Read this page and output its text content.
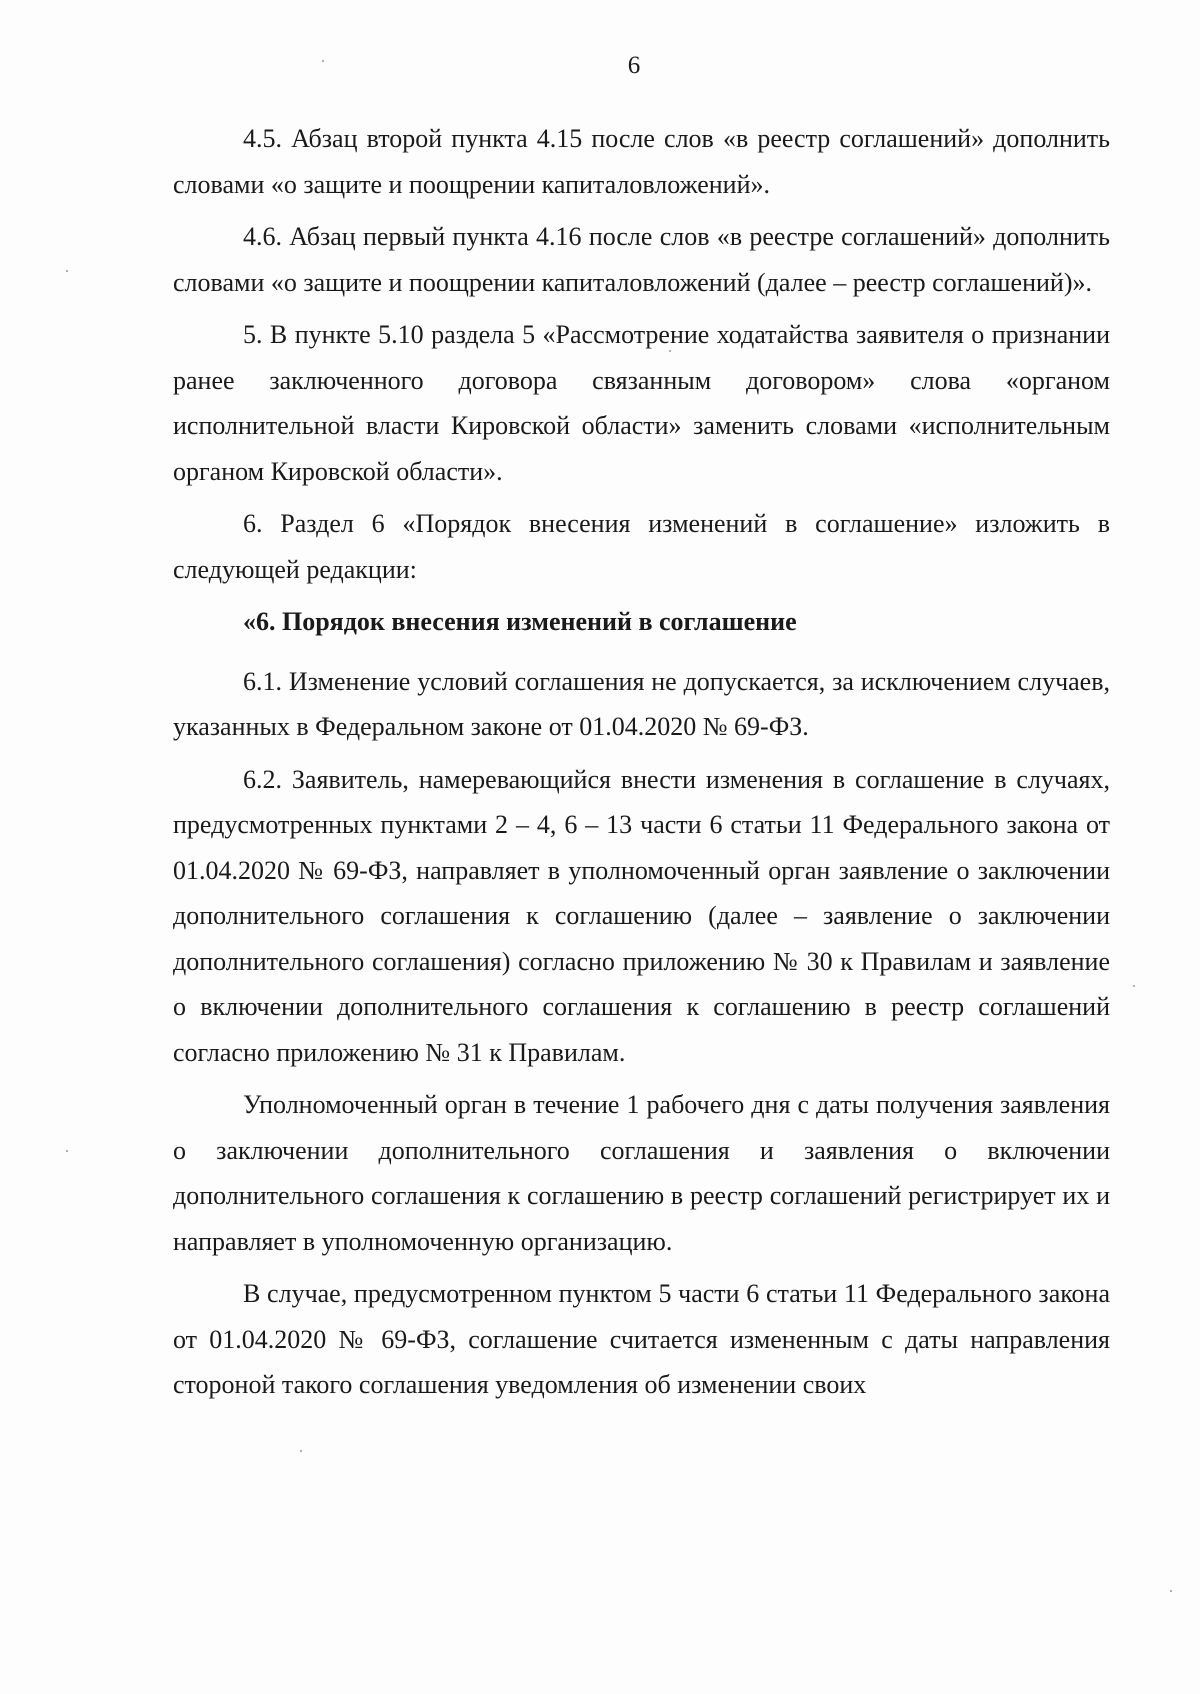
6

4.5. Абзац второй пункта 4.15 после слов «в реестр соглашений» дополнить словами «о защите и поощрении капиталовложений».

4.6. Абзац первый пункта 4.16 после слов «в реестре соглашений» дополнить словами «о защите и поощрении капиталовложений (далее – реестр соглашений)».

5. В пункте 5.10 раздела 5 «Рассмотрение ходатайства заявителя о признании ранее заключенного договора связанным договором» слова «органом исполнительной власти Кировской области» заменить словами «исполнительным органом Кировской области».

6. Раздел 6 «Порядок внесения изменений в соглашение» изложить в следующей редакции:

«6. Порядок внесения изменений в соглашение

6.1. Изменение условий соглашения не допускается, за исключением случаев, указанных в Федеральном законе от 01.04.2020 № 69-ФЗ.

6.2. Заявитель, намеревающийся внести изменения в соглашение в случаях, предусмотренных пунктами 2 – 4, 6 – 13 части 6 статьи 11 Федерального закона от 01.04.2020 № 69-ФЗ, направляет в уполномоченный орган заявление о заключении дополнительного соглашения к соглашению (далее – заявление о заключении дополнительного соглашения) согласно приложению № 30 к Правилам и заявление о включении дополнительного соглашения к соглашению в реестр соглашений согласно приложению № 31 к Правилам.

Уполномоченный орган в течение 1 рабочего дня с даты получения заявления о заключении дополнительного соглашения и заявления о включении дополнительного соглашения к соглашению в реестр соглашений регистрирует их и направляет в уполномоченную организацию.

В случае, предусмотренном пунктом 5 части 6 статьи 11 Федерального закона от 01.04.2020 № 69-ФЗ, соглашение считается измененным с даты направления стороной такого соглашения уведомления об изменении своих
